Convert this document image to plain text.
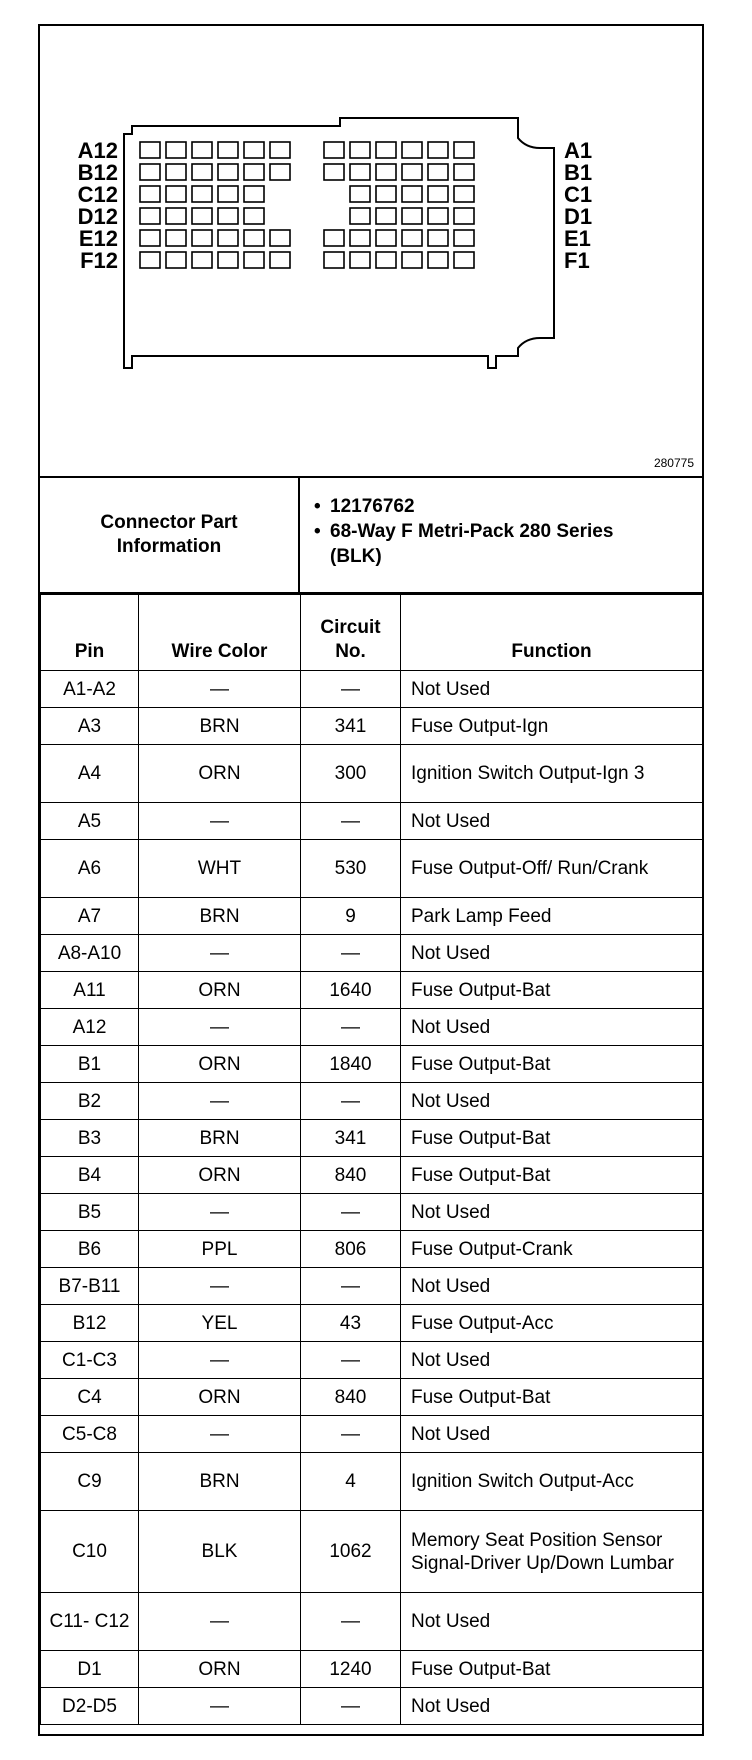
A12
B12
C12
D12
E12
F12
A1
B1
C1
D1
E1
F1
280775
Connector Part Information
• 12176762
• 68-Way F Metri-Pack 280 Series (BLK)
Pin	Wire Color	Circuit No.	Function
A1-A2	—	—	Not Used
A3	BRN	341	Fuse Output-Ign
A4	ORN	300	Ignition Switch Output-Ign 3
A5	—	—	Not Used
A6	WHT	530	Fuse Output-Off/ Run/Crank
A7	BRN	9	Park Lamp Feed
A8-A10	—	—	Not Used
A11	ORN	1640	Fuse Output-Bat
A12	—	—	Not Used
B1	ORN	1840	Fuse Output-Bat
B2	—	—	Not Used
B3	BRN	341	Fuse Output-Bat
B4	ORN	840	Fuse Output-Bat
B5	—	—	Not Used
B6	PPL	806	Fuse Output-Crank
B7-B11	—	—	Not Used
B12	YEL	43	Fuse Output-Acc
C1-C3	—	—	Not Used
C4	ORN	840	Fuse Output-Bat
C5-C8	—	—	Not Used
C9	BRN	4	Ignition Switch Output-Acc
C10	BLK	1062	Memory Seat Position Sensor Signal-Driver Up/Down Lumbar
C11- C12	—	—	Not Used
D1	ORN	1240	Fuse Output-Bat
D2-D5	—	—	Not Used
